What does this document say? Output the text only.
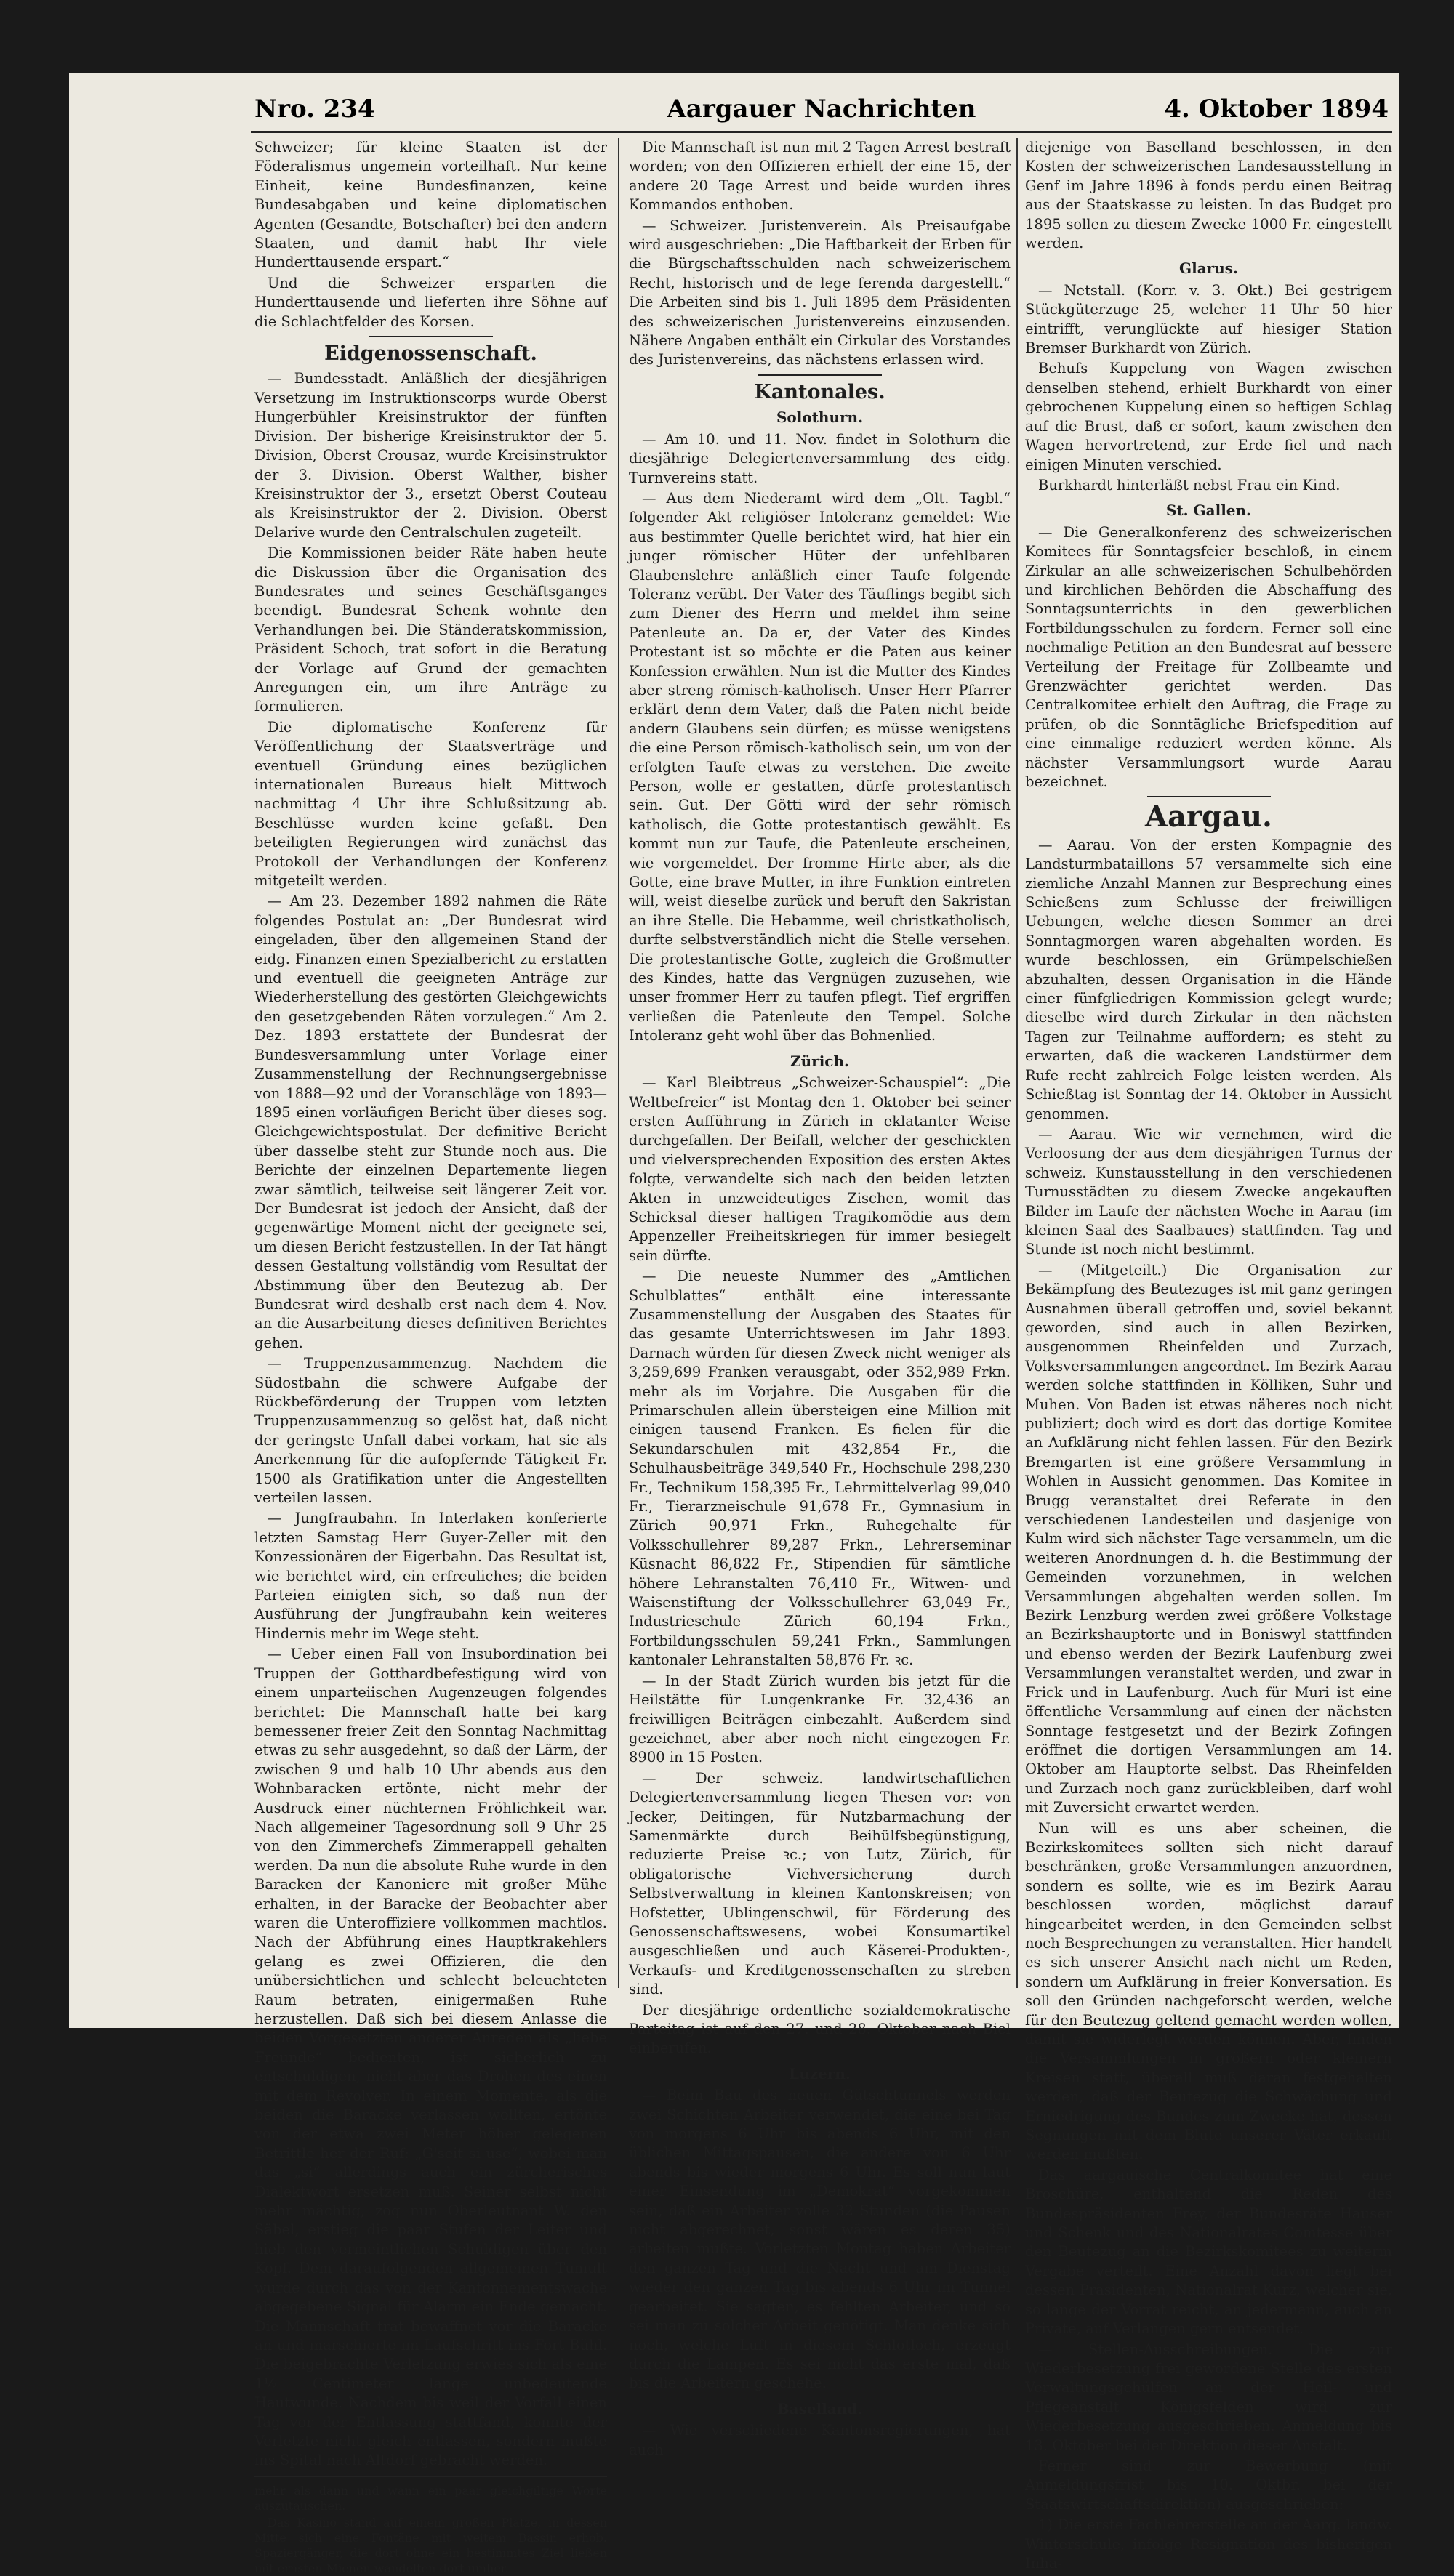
Nro. 234	Aargauer Nachrichten	4. Oktober 1894

Schweizer; für kleine Staaten ist der Föderalismus ungemein vorteilhaft. Nur keine Einheit, keine Bundesfinanzen, keine Bundesabgaben und keine diplomatischen Agenten (Gesandte, Botschafter) bei den andern Staaten, und damit habt Ihr viele Hunderttausende erspart.“

Und die Schweizer ersparten die Hunderttausende und lieferten ihre Söhne auf die Schlachtfelder des Korsen.

Eidgenossenschaft.

— Bundesstadt. Anläßlich der diesjährigen Versetzung im Instruktionscorps wurde Oberst Hungerbühler Kreisinstruktor der fünften Division. Der bisherige Kreisinstruktor der 5. Division, Oberst Crousaz, wurde Kreisinstruktor der 3. Division. Oberst Walther, bisher Kreisinstruktor der 3., ersetzt Oberst Couteau als Kreisinstruktor der 2. Division. Oberst Delarive wurde den Centralschulen zugeteilt.

Die Kommissionen beider Räte haben heute die Diskussion über die Organisation des Bundesrates und seines Geschäftsganges beendigt. Bundesrat Schenk wohnte den Verhandlungen bei. Die Ständeratskommission, Präsident Schoch, trat sofort in die Beratung der Vorlage auf Grund der gemachten Anregungen ein, um ihre Anträge zu formulieren.

Die diplomatische Konferenz für Veröffentlichung der Staatsverträge und eventuell Gründung eines bezüglichen internationalen Bureaus hielt Mittwoch nachmittag 4 Uhr ihre Schlußsitzung ab. Beschlüsse wurden keine gefaßt. Den beteiligten Regierungen wird zunächst das Protokoll der Verhandlungen der Konferenz mitgeteilt werden.

— Am 23. Dezember 1892 nahmen die Räte folgendes Postulat an: „Der Bundesrat wird eingeladen, über den allgemeinen Stand der eidg. Finanzen einen Spezialbericht zu erstatten und eventuell die geeigneten Anträge zur Wiederherstellung des gestörten Gleichgewichts den gesetzgebenden Räten vorzulegen.“ Am 2. Dez. 1893 erstattete der Bundesrat der Bundesversammlung unter Vorlage einer Zusammenstellung der Rechnungsergebnisse von 1888—92 und der Voranschläge von 1893—1895 einen vorläufigen Bericht über dieses sog. Gleichgewichtspostulat. Der definitive Bericht über dasselbe steht zur Stunde noch aus. Die Berichte der einzelnen Departemente liegen zwar sämtlich, teilweise seit längerer Zeit vor. Der Bundesrat ist jedoch der Ansicht, daß der gegenwärtige Moment nicht der geeignete sei, um diesen Bericht festzustellen. In der Tat hängt dessen Gestaltung vollständig vom Resultat der Abstimmung über den Beutezug ab. Der Bundesrat wird deshalb erst nach dem 4. Nov. an die Ausarbeitung dieses definitiven Berichtes gehen.

— Truppenzusammenzug. Nachdem die Südostbahn die schwere Aufgabe der Rückbeförderung der Truppen vom letzten Truppenzusammenzug so gelöst hat, daß nicht der geringste Unfall dabei vorkam, hat sie als Anerkennung für die aufopfernde Tätigkeit Fr. 1500 als Gratifikation unter die Angestellten verteilen lassen.

— Jungfraubahn. In Interlaken konferierte letzten Samstag Herr Guyer-Zeller mit den Konzessionären der Eigerbahn. Das Resultat ist, wie berichtet wird, ein erfreuliches; die beiden Parteien einigten sich, so daß nun der Ausführung der Jungfraubahn kein weiteres Hindernis mehr im Wege steht.

— Ueber einen Fall von Insubordination bei Truppen der Gotthardbefestigung wird von einem unparteiischen Augenzeugen folgendes berichtet: Die Mannschaft hatte bei karg bemessener freier Zeit den Sonntag Nachmittag etwas zu sehr ausgedehnt, so daß der Lärm, der zwischen 9 und halb 10 Uhr abends aus den Wohnbaracken ertönte, nicht mehr der Ausdruck einer nüchternen Fröhlichkeit war. Nach allgemeiner Tagesordnung soll 9 Uhr 25 von den Zimmerchefs Zimmerappell gehalten werden. Da nun die absolute Ruhe wurde in den Baracken der Kanoniere mit großer Mühe erhalten, in der Baracke der Beobachter aber waren die Unteroffiziere vollkommen machtlos. Nach der Abführung eines Hauptkrakehlers gelang es zwei Offizieren, die den unübersichtlichen und schlecht beleuchteten Raum betraten, einigermaßen Ruhe herzustellen. Daß sich bei diesem Anlasse die beiden Vorgesetzten anderer Anreden als „liebe Freunde“ bedienten, ist sicherlich zu entschuldigen, nicht aber das Drohen des einen mit dem Revolver. In einem Momente, als die beiden die Baracke verlassen wollten, ertönte von der etwa zwei Meter höher gelegenen Betrittle her der Ruf: „G'seit si use“, wobei man das „si“ allerdings auch ein zürcherisches Dialektwort ersetzen muß. Seiner selbst nicht mehr mächtig, zog nun Oberleutnant W. den Säbel, erstieg die paar Stufen der Leiter und hieb den vermeintlichen Schuldigen über den Kopf. Dem daraufolgenden allgemeinen Tumult wurde durch das von der Kantonnementswache abgegebene Signal für Alarm ein Ende gemacht. Die Mannschaft trat bewaffnet vor die Baracke an und marschierte im Laufschritt ins Fort Bühl. Die beigebrachte Verletzung erwies sich als eine 1½ Centimeter lange unbedeutende Hautwunde. Nachdem bis weil der Vorfall einen Tag vor der Entlassung stattfand, konnte der Verletzte nicht gleich entlassen, sondern mußte ins Spital nach Altdorf gebracht werden.

mehr als dann und wann ein paar gleichgiltige Worte auszutauschen.

Das Kasino stand auf einem großen Platze, in dessen Mitte sich eine Fontäne mit weitem Bassin erhob. Spaziergänger, die dort ohne ein bestimmtes Ziel ließen mit ernsten Mienen wandelten dort umher.

Die Mannschaft ist nun mit 2 Tagen Arrest bestraft worden; von den Offizieren erhielt der eine 15, der andere 20 Tage Arrest und beide wurden ihres Kommandos enthoben.

— Schweizer. Juristenverein. Als Preisaufgabe wird ausgeschrieben: „Die Haftbarkeit der Erben für die Bürgschaftsschulden nach schweizerischem Recht, historisch und de lege ferenda dargestellt.“ Die Arbeiten sind bis 1. Juli 1895 dem Präsidenten des schweizerischen Juristenvereins einzusenden. Nähere Angaben enthält ein Cirkular des Vorstandes des Juristenvereins, das nächstens erlassen wird.

Kantonales.
Solothurn.

— Am 10. und 11. Nov. findet in Solothurn die diesjährige Delegiertenversammlung des eidg. Turnvereins statt.

— Aus dem Niederamt wird dem „Olt. Tagbl.“ folgender Akt religiöser Intoleranz gemeldet: Wie aus bestimmter Quelle berichtet wird, hat hier ein junger römischer Hüter der unfehlbaren Glaubenslehre anläßlich einer Taufe folgende Toleranz verübt. Der Vater des Täuflings begibt sich zum Diener des Herrn und meldet ihm seine Patenleute an. Da er, der Vater des Kindes Protestant ist so möchte er die Paten aus keiner Konfession erwählen. Nun ist die Mutter des Kindes aber streng römisch-katholisch. Unser Herr Pfarrer erklärt denn dem Vater, daß die Paten nicht beide andern Glaubens sein dürfen; es müsse wenigstens die eine Person römisch-katholisch sein, um von der erfolgten Taufe etwas zu verstehen. Die zweite Person, wolle er gestatten, dürfe protestantisch sein. Gut. Der Götti wird der sehr römisch katholisch, die Gotte protestantisch gewählt. Es kommt nun zur Taufe, die Patenleute erscheinen, wie vorgemeldet. Der fromme Hirte aber, als die Gotte, eine brave Mutter, in ihre Funktion eintreten will, weist dieselbe zurück und beruft den Sakristan an ihre Stelle. Die Hebamme, weil christkatholisch, durfte selbstverständlich nicht die Stelle versehen. Die protestantische Gotte, zugleich die Großmutter des Kindes, hatte das Vergnügen zuzusehen, wie unser frommer Herr zu taufen pflegt. Tief ergriffen verließen die Patenleute den Tempel. Solche Intoleranz geht wohl über das Bohnenlied.

Zürich.

— Karl Bleibtreus „Schweizer-Schauspiel“: „Die Weltbefreier“ ist Montag den 1. Oktober bei seiner ersten Aufführung in Zürich in eklatanter Weise durchgefallen. Der Beifall, welcher der geschickten und vielversprechenden Exposition des ersten Aktes folgte, verwandelte sich nach den beiden letzten Akten in unzweideutiges Zischen, womit das Schicksal dieser haltigen Tragikomödie aus dem Appenzeller Freiheitskriegen für immer besiegelt sein dürfte.

— Die neueste Nummer des „Amtlichen Schulblattes“ enthält eine interessante Zusammenstellung der Ausgaben des Staates für das gesamte Unterrichtswesen im Jahr 1893. Darnach würden für diesen Zweck nicht weniger als 3,259,699 Franken verausgabt, oder 352,989 Frkn. mehr als im Vorjahre. Die Ausgaben für die Primarschulen allein übersteigen eine Million mit einigen tausend Franken. Es fielen für die Sekundarschulen mit 432,854 Fr., die Schulhausbeiträge 349,540 Fr., Hochschule 298,230 Fr., Technikum 158,395 Fr., Lehrmittelverlag 99,040 Fr., Tierarzneischule 91,678 Fr., Gymnasium in Zürich 90,971 Frkn., Ruhegehalte für Volksschullehrer 89,287 Frkn., Lehrerseminar Küsnacht 86,822 Fr., Stipendien für sämtliche höhere Lehranstalten 76,410 Fr., Witwen- und Waisenstiftung der Volksschullehrer 63,049 Fr., Industrieschule Zürich 60,194 Frkn., Fortbildungsschulen 59,241 Frkn., Sammlungen kantonaler Lehranstalten 58,876 Fr. ꝛc.

— In der Stadt Zürich wurden bis jetzt für die Heilstätte für Lungenkranke Fr. 32,436 an freiwilligen Beiträgen einbezahlt. Außerdem sind gezeichnet, aber aber noch nicht eingezogen Fr. 8900 in 15 Posten.

— Der schweiz. landwirtschaftlichen Delegiertenversammlung liegen Thesen vor: von Jecker, Deitingen, für Nutzbarmachung der Samenmärkte durch Beihülfsbegünstigung, reduzierte Preise ꝛc.; von Lutz, Zürich, für obligatorische Viehversicherung durch Selbstverwaltung in kleinen Kantonskreisen; von Hofstetter, Ublingenschwil, für Förderung des Genossenschaftswesens, wobei Konsumartikel ausgeschließen und auch Käserei-Produkten-, Verkaufs- und Kreditgenossenschaften zu streben sind.

Der diesjährige ordentliche sozialdemokratische Parteitag ist auf den 27. und 28. Oktober nach Biel einberufen.

Luzern.

— Beim Bau des neuen Gütschtunnels werden zwei Schichten Arbeiter verwendet, die eine bei Tag von morgens 6 Uhr bis abends 6 Uhr, mit den üblichen Mittagspausen, die andere von 6 Uhr abends bis wieder morgens 6 Uhr. Es soll nun laut einer Einsendung im „Demokrat“ vorgekommen sein, daß ein Arbeiter volle 32 Stunden (die Pausen nicht abgerechnet, sonst wären es deren 35) arbeiten mußte. Vorletzten Montag haben Arbeiter den ganzen Tag und die Nacht und am Dienstag wieder den ganzen Tag bis abends 6 Uhr im Tunnel gearbeitet. Sie sagten, es fehlten Arbeiter, und so sei man zu solcher Arbeit genötigt. Man denke sich noch, welche Luft in diesem Schlotloch, erzeugt durch die Lampen. Es sei nicht das erste mal, daß bis die Arbeitern geschehe.

Baselland.

— Wie verschiedene Kantonsregierungen, hat auch

diejenige von Baselland beschlossen, in den Kosten der schweizerischen Landesausstellung in Genf im Jahre 1896 à fonds perdu einen Beitrag aus der Staatskasse zu leisten. In das Budget pro 1895 sollen zu diesem Zwecke 1000 Fr. eingestellt werden.

Glarus.

— Netstall. (Korr. v. 3. Okt.) Bei gestrigem Stückgüterzuge 25, welcher 11 Uhr 50 hier eintrifft, verunglückte auf hiesiger Station Bremser Burkhardt von Zürich.

Behufs Kuppelung von Wagen zwischen denselben stehend, erhielt Burkhardt von einer gebrochenen Kuppelung einen so heftigen Schlag auf die Brust, daß er sofort, kaum zwischen den Wagen hervortretend, zur Erde fiel und nach einigen Minuten verschied.

Burkhardt hinterläßt nebst Frau ein Kind.

St. Gallen.

— Die Generalkonferenz des schweizerischen Komitees für Sonntagsfeier beschloß, in einem Zirkular an alle schweizerischen Schulbehörden und kirchlichen Behörden die Abschaffung des Sonntagsunterrichts in den gewerblichen Fortbildungsschulen zu fordern. Ferner soll eine nochmalige Petition an den Bundesrat auf bessere Verteilung der Freitage für Zollbeamte und Grenzwächter gerichtet werden. Das Centralkomitee erhielt den Auftrag, die Frage zu prüfen, ob die Sonntägliche Briefspedition auf eine einmalige reduziert werden könne. Als nächster Versammlungsort wurde Aarau bezeichnet.

Aargau.

— Aarau. Von der ersten Kompagnie des Landsturmbataillons 57 versammelte sich eine ziemliche Anzahl Mannen zur Besprechung eines Schießens zum Schlusse der freiwilligen Uebungen, welche diesen Sommer an drei Sonntagmorgen waren abgehalten worden. Es wurde beschlossen, ein Grümpelschießen abzuhalten, dessen Organisation in die Hände einer fünfgliedrigen Kommission gelegt wurde; dieselbe wird durch Zirkular in den nächsten Tagen zur Teilnahme auffordern; es steht zu erwarten, daß die wackeren Landstürmer dem Rufe recht zahlreich Folge leisten werden. Als Schießtag ist Sonntag der 14. Oktober in Aussicht genommen.

— Aarau. Wie wir vernehmen, wird die Verloosung der aus dem diesjährigen Turnus der schweiz. Kunstausstellung in den verschiedenen Turnusstädten zu diesem Zwecke angekauften Bilder im Laufe der nächsten Woche in Aarau (im kleinen Saal des Saalbaues) stattfinden. Tag und Stunde ist noch nicht bestimmt.

— (Mitgeteilt.) Die Organisation zur Bekämpfung des Beutezuges ist mit ganz geringen Ausnahmen überall getroffen und, soviel bekannt geworden, sind auch in allen Bezirken, ausgenommen Rheinfelden und Zurzach, Volksversammlungen angeordnet. Im Bezirk Aarau werden solche stattfinden in Kölliken, Suhr und Muhen. Von Baden ist etwas näheres noch nicht publiziert; doch wird es dort das dortige Komitee an Aufklärung nicht fehlen lassen. Für den Bezirk Bremgarten ist eine größere Versammlung in Wohlen in Aussicht genommen. Das Komitee in Brugg veranstaltet drei Referate in den verschiedenen Landesteilen und dasjenige von Kulm wird sich nächster Tage versammeln, um die weiteren Anordnungen d. h. die Bestimmung der Gemeinden vorzunehmen, in welchen Versammlungen abgehalten werden sollen. Im Bezirk Lenzburg werden zwei größere Volkstage an Bezirkshauptorte und in Boniswyl stattfinden und ebenso werden der Bezirk Laufenburg zwei Versammlungen veranstaltet werden, und zwar in Frick und in Laufenburg. Auch für Muri ist eine öffentliche Versammlung auf einen der nächsten Sonntage festgesetzt und der Bezirk Zofingen eröffnet die dortigen Versammlungen am 14. Oktober am Hauptorte selbst. Das Rheinfelden und Zurzach noch ganz zurückbleiben, darf wohl mit Zuversicht erwartet werden.

Nun will es uns aber scheinen, die Bezirkskomitees sollten sich nicht darauf beschränken, große Versammlungen anzuordnen, sondern es sollte, wie es im Bezirk Aarau beschlossen worden, möglichst darauf hingearbeitet werden, in den Gemeinden selbst noch Besprechungen zu veranstalten. Hier handelt es sich unserer Ansicht nach nicht um Reden, sondern um Aufklärung in freier Konversation. Es soll den Gründen nachgeforscht werden, welche für den Beutezug geltend gemacht werden wollen, damit sie widerlegt werden können. Aber, finden die Versammlungen in größern oder kleinern Kreisen statt, überall muß daran festgehalten werden, daß der Beutezug die Schwächung und Erniedrigung des Bundes zum Zwecke hat, dessen Segnungen mit dem Blute unserer Väter erkauft werden mußten.

Das aargauische Centralkomitee hat eine Broschüre, enthaltend die Reden des Bundespräsidenten Frey, der Bundesräte Hauser und Schenk und des Nationalrates Comtesse über den Beutezug an die Bezirkskomitees zu weiterm Vergabe verteilt. Eine Anzahl davon liegt bei dessen Präsidenten, Nationalrat Kurz, welcher sie, so lange der Vorrat reicht, an jedermann, auch an Private, auf Verlangen gern entsendet.

— Stellen-Ausschreibungen. Die zur Wiederbesetzung frei gewordene Stelle des ersten Verwaltungsgehülfen an der Heil- und Pflegeanstalt Königsfelden wird zur Wiederbesetzung ausgeschrieben. Anmeldung bis 13. Oktober bei der Direktion dieser Anstalt.

Ferner sind zur Bewerbung (mit Anmeldungsfrist bis 10. Oktbr. bei der Staatswirtschaftsdirektion) ausgeschrieben:

1) Die erste Fachlehrerstelle an der Aarg. landw. Winterschule, infolge Resignation des bisherigen Inha-
